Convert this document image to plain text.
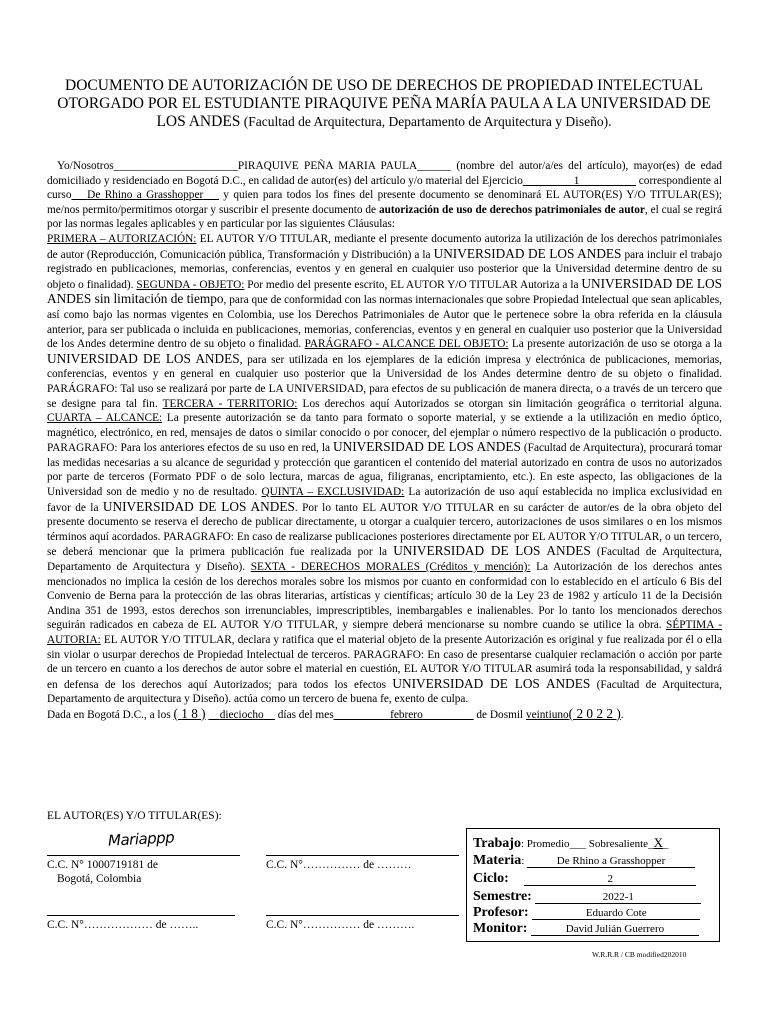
DOCUMENTO DE AUTORIZACIÓN DE USO DE DERECHOS DE PROPIEDAD INTELECTUAL
OTORGADO POR EL ESTUDIANTE PIRAQUIVE PEÑA MARÍA PAULA A LA UNIVERSIDAD DE
LOS ANDES (Facultad de Arquitectura, Departamento de Arquitectura y Diseño).

Yo/Nosotros______________________PIRAQUIVE PEÑA MARIA PAULA______ (nombre del autor/a/es del artículo), mayor(es) de edad domiciliado y residenciado en Bogotá D.C., en calidad de autor(es) del artículo y/o material del Ejercicio_________1__________ correspondiente al curso__ De Rhino a Grasshopper __ y quien para todos los fines del presente documento se denominará EL AUTOR(ES) Y/O TITULAR(ES); me/nos permito/permitimos otorgar y suscribir el presente documento de autorización de uso de derechos patrimoniales de autor, el cual se regirá por las normas legales aplicables y en particular por las siguientes Cláusulas:

PRIMERA – AUTORIZACIÓN: EL AUTOR Y/O TITULAR, mediante el presente documento autoriza la utilización de los derechos patrimoniales de autor (Reproducción, Comunicación pública, Transformación y Distribución) a la UNIVERSIDAD DE LOS ANDES para incluir el trabajo registrado en publicaciones, memorias, conferencias, eventos y en general en cualquier uso posterior que la Universidad determine dentro de su objeto o finalidad). SEGUNDA - OBJETO: Por medio del presente escrito, EL AUTOR Y/O TITULAR Autoriza a la UNIVERSIDAD DE LOS ANDES sin limitación de tiempo, para que de conformidad con las normas internacionales que sobre Propiedad Intelectual que sean aplicables, así como bajo las normas vigentes en Colombia, use los Derechos Patrimoniales de Autor que le pertenece sobre la obra referida en la cláusula anterior, para ser publicada o incluida en publicaciones, memorias, conferencias, eventos y en general en cualquier uso posterior que la Universidad de los Andes determine dentro de su objeto o finalidad. PARÁGRAFO - ALCANCE DEL OBJETO: La presente autorización de uso se otorga a la UNIVERSIDAD DE LOS ANDES, para ser utilizada en los ejemplares de la edición impresa y electrónica de publicaciones, memorias, conferencias, eventos y en general en cualquier uso posterior que la Universidad de los Andes determine dentro de su objeto o finalidad. PARÁGRAFO: Tal uso se realizará por parte de LA UNIVERSIDAD, para efectos de su publicación de manera directa, o a través de un tercero que se designe para tal fin. TERCERA - TERRITORIO: Los derechos aquí Autorizados se otorgan sin limitación geográfica o territorial alguna. CUARTA – ALCANCE: La presente autorización se da tanto para formato o soporte material, y se extiende a la utilización en medio óptico, magnético, electrónico, en red, mensajes de datos o similar conocido o por conocer, del ejemplar o número respectivo de la publicación o producto. PARAGRAFO: Para los anteriores efectos de su uso en red, la UNIVERSIDAD DE LOS ANDES (Facultad de Arquitectura), procurará tomar las medidas necesarias a su alcance de seguridad y protección que garanticen el contenido del material autorizado en contra de usos no autorizados por parte de terceros (Formato PDF o de solo lectura, marcas de agua, filigranas, encriptamiento, etc.). En este aspecto, las obligaciones de la Universidad son de medio y no de resultado. QUINTA – EXCLUSIVIDAD: La autorización de uso aquí establecida no implica exclusividad en favor de la UNIVERSIDAD DE LOS ANDES. Por lo tanto EL AUTOR Y/O TITULAR en su carácter de autor/es de la obra objeto del presente documento se reserva el derecho de publicar directamente, u otorgar a cualquier tercero, autorizaciones de usos similares o en los mismos términos aquí acordados. PARAGRAFO: En caso de realizarse publicaciones posteriores directamente por EL AUTOR Y/O TITULAR, o un tercero, se deberá mencionar que la primera publicación fue realizada por la UNIVERSIDAD DE LOS ANDES (Facultad de Arquitectura, Departamento de Arquitectura y Diseño). SEXTA - DERECHOS MORALES (Créditos y mención): La Autorización de los derechos antes mencionados no implica la cesión de los derechos morales sobre los mismos por cuanto en conformidad con lo establecido en el artículo 6 Bis del Convenio de Berna para la protección de las obras literarias, artísticas y científicas; artículo 30 de la Ley 23 de 1982 y artículo 11 de la Decisión Andina 351 de 1993, estos derechos son irrenunciables, imprescriptibles, inembargables e inalienables. Por lo tanto los mencionados derechos seguirán radicados en cabeza de EL AUTOR Y/O TITULAR, y siempre deberá mencionarse su nombre cuando se utilice la obra. SÉPTIMA - AUTORIA: EL AUTOR Y/O TITULAR, declara y ratifica que el material objeto de la presente Autorización es original y fue realizada por él o ella sin violar o usurpar derechos de Propiedad Intelectual de terceros. PARAGRAFO: En caso de presentarse cualquier reclamación o acción por parte de un tercero en cuanto a los derechos de autor sobre el material en cuestión, EL AUTOR Y/O TITULAR asumirá toda la responsabilidad, y saldrá en defensa de los derechos aquí Autorizados; para todos los efectos UNIVERSIDAD DE LOS ANDES (Facultad de Arquitectura, Departamento de arquitectura y Diseño). actúa como un tercero de buena fe, exento de culpa.

Dada en Bogotá D.C., a los ( 1 8 ) __dieciocho__ días del mes__________febrero_________ de Dosmil veintiuno( 2 0 2 2 ).

EL AUTOR(ES) Y/O TITULAR(ES):
Mariappp
C.C. N° 1000719181 de
Bogotá, Colombia
C.C. N°…………… de ………
C.C. N°……………… de ……..	C.C. N°…………… de ……….
Trabajo: Promedio___ Sobresaliente_X_
Materia:	De Rhino a Grasshopper
Ciclo:	2
Semestre:	2022-1
Profesor:	Eduardo Cote
Monitor:	David Julián Guerrero
W.R.R.R / CB modified202010
